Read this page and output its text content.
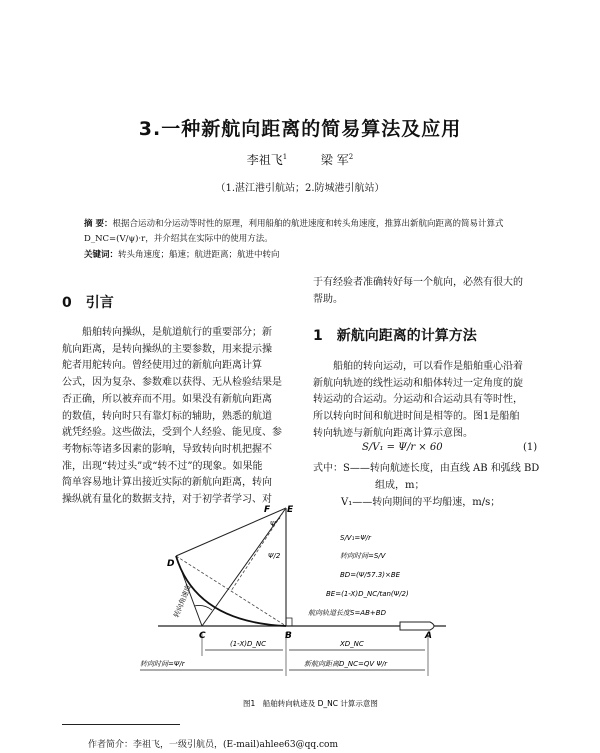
3.一种新航向距离的简易算法及应用
李祖飞$^1$	梁 军$^2$
（1.湛江港引航站；2.防城港引航站）
摘 要：根据合运动和分运动等时性的原理，利用船舶的航进速度和转头角速度，推算出新航向距离的简易计算式 D_NC=(V/ψ)·r，并介绍其在实际中的使用方法。
关键词：转头角速度；船速；航进距离；航进中转向
0　引言

船舶转向操纵，是航道航行的重要部分；新

航向距离，是转向操纵的主要参数，用来提示操

舵者用舵转向。曾经使用过的新航向距离计算

公式，因为复杂、参数难以获得、无从检验结果是

否正确，所以被弃而不用。如果没有新航向距离

的数值，转向时只有靠灯标的辅助，熟悉的航道

就凭经验。这些做法，受到个人经验、能见度、参

考物标等诸多因素的影响，导致转向时机把握不

准，出现“转过头”或“转不过”的现象。如果能

简单容易地计算出接近实际的新航向距离，转向

操纵就有量化的数据支持，对于初学者学习、对

于有经验者准确转好每一个航向，必然有很大的

帮助。

1　新航向距离的计算方法

船舶的转向运动，可以看作是船舶重心沿着

新航向轨迹的线性运动和船体转过一定角度的旋

转运动的合运动。分运动和合运动具有等时性，

所以转向时间和航进时间是相等的。图1是船舶

转向轨迹与新航向距离计算示意图。

S/V₁ = Ψ/r × 60	(1)
式中：S——转向航迹长度，由直线 AB 和弧线 BD
组成，m；
V₁——转向期间的平均船速，m/s；
E
F
D
C	B	A
Ψ
Ψ/2
转向角速度
S/V₁=Ψ/r
转向时间=S/V
BD=(Ψ/57.3)×BE
BE=(1-X)D_NC/tan(Ψ/2)
航向轨道长度S=AB+BD
(1-X)D_NC	XD_NC
转向时间=Ψ/r	新航向距离D_NC=QV Ψ/r
图1　船舶转向轨迹及 D_NC 计算示意图
作者简介：李祖飞，一级引航员，(E-mail)ahlee63@qq.com
